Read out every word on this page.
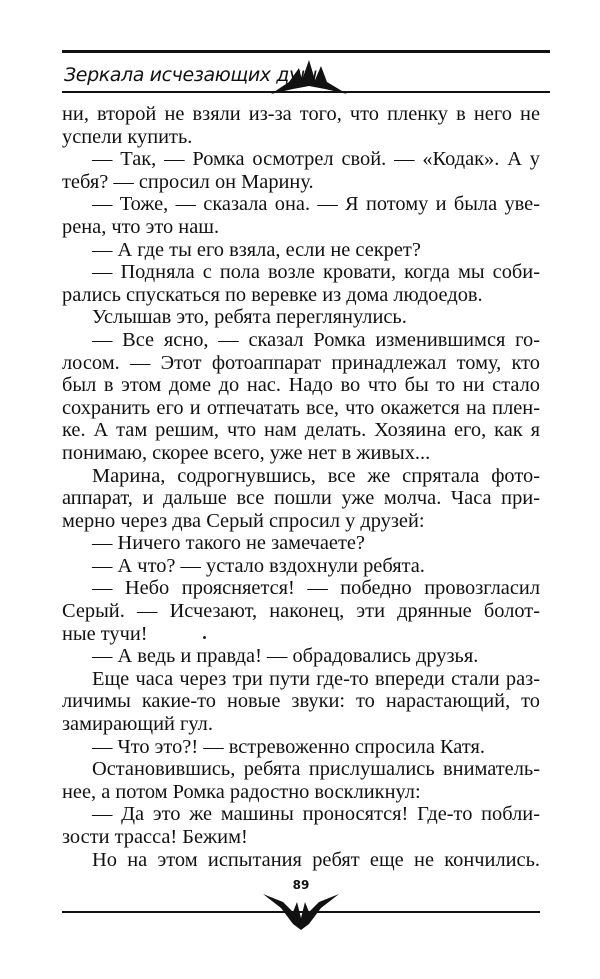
Зеркала исчезающих душ
ни, второй не взяли из-за того, что пленку в него не
успели купить.
— Так, — Ромка осмотрел свой. — «Кодак». А у
тебя? — спросил он Марину.
— Тоже, — сказала она. — Я потому и была уве-
рена, что это наш.
— А где ты его взяла, если не секрет?
— Подняла с пола возле кровати, когда мы соби-
рались спускаться по веревке из дома людоедов.
Услышав это, ребята переглянулись.
— Все ясно, — сказал Ромка изменившимся го-
лосом. — Этот фотоаппарат принадлежал тому, кто
был в этом доме до нас. Надо во что бы то ни стало
сохранить его и отпечатать все, что окажется на плен-
ке. А там решим, что нам делать. Хозяина его, как я
понимаю, скорее всего, уже нет в живых...
Марина, содрогнувшись, все же спрятала фото-
аппарат, и дальше все пошли уже молча. Часа при-
мерно через два Серый спросил у друзей:
— Ничего такого не замечаете?
— А что? — устало вздохнули ребята.
— Небо проясняется! — победно провозгласил
Серый. — Исчезают, наконец, эти дрянные болот-
ные тучи!
— А ведь и правда! — обрадовались друзья.
Еще часа через три пути где-то впереди стали раз-
личимы какие-то новые звуки: то нарастающий, то
замирающий гул.
— Что это?! — встревоженно спросила Катя.
Остановившись, ребята прислушались вниматель-
нее, а потом Ромка радостно воскликнул:
— Да это же машины проносятся! Где-то побли-
зости трасса! Бежим!
Но на этом испытания ребят еще не кончились.
89
